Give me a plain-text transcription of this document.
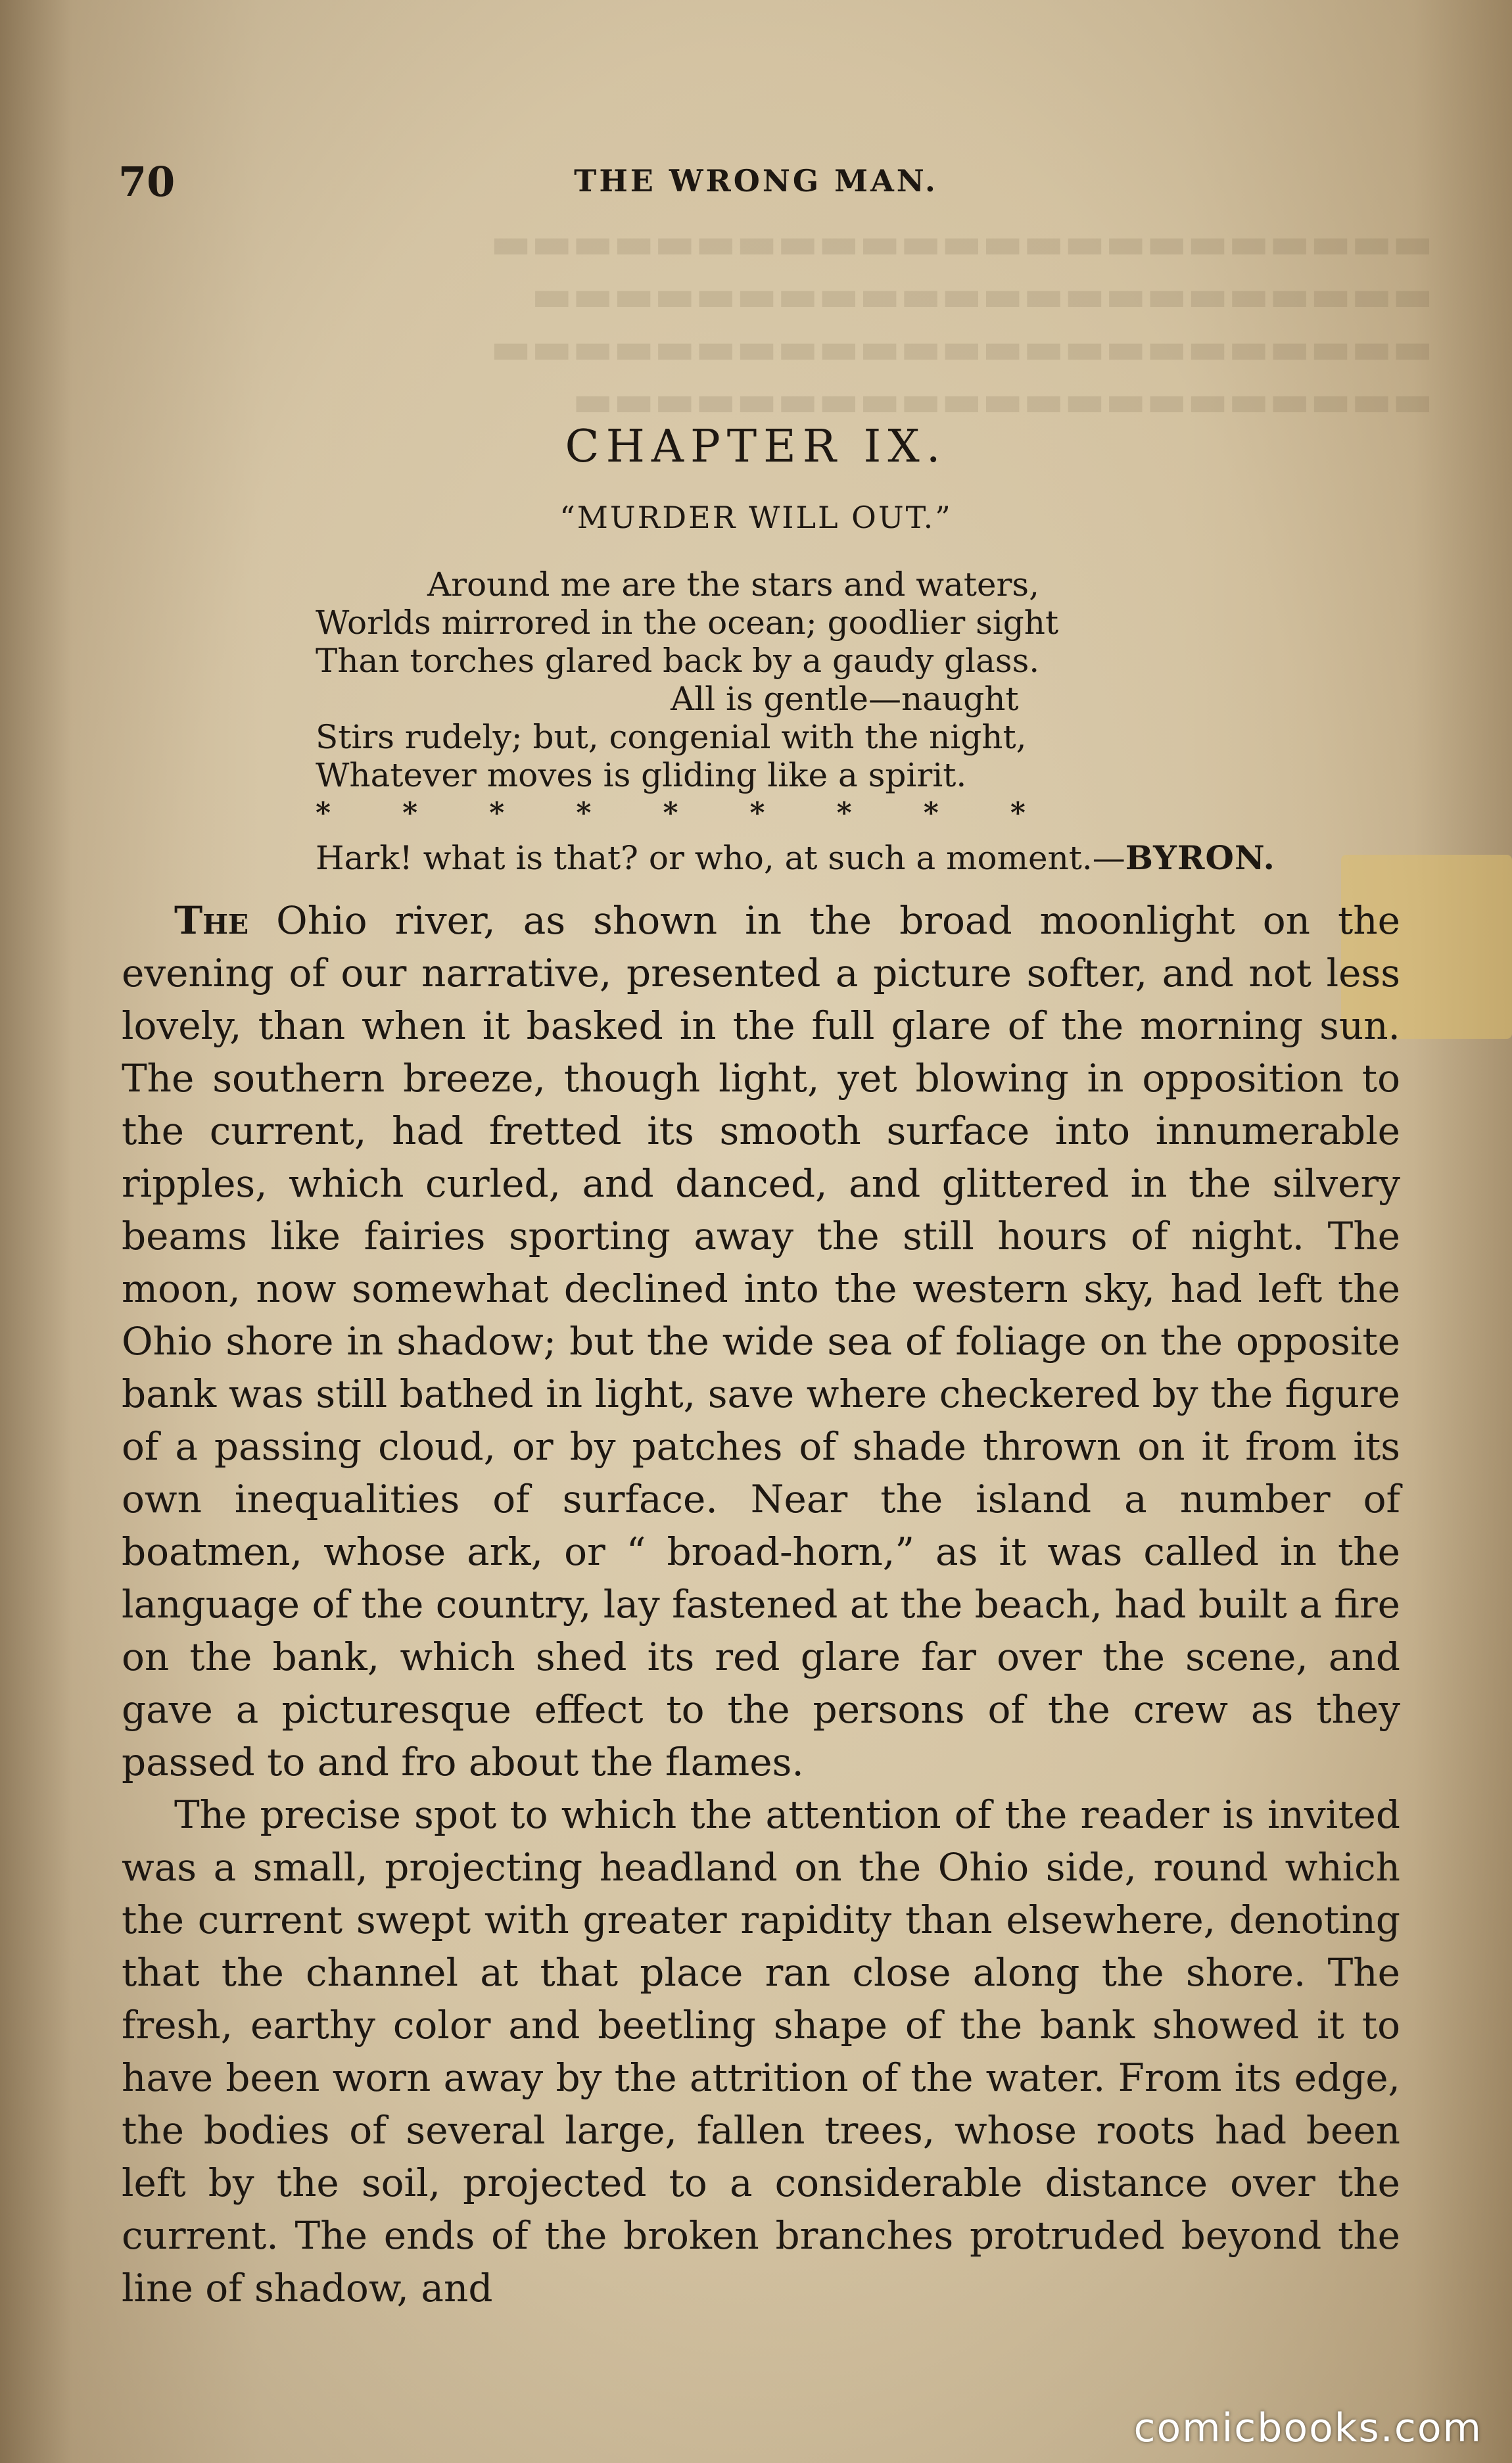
▬▬▬▬▬▬▬▬▬▬▬▬▬▬▬▬▬▬▬▬▬▬▬
▬▬▬▬▬▬▬▬▬▬▬▬▬▬▬▬▬▬▬▬▬▬
▬▬▬▬▬▬▬▬▬▬▬▬▬▬▬▬▬▬▬▬▬▬▬
▬▬▬▬▬▬▬▬▬▬▬▬▬▬▬▬▬▬▬▬▬
70	THE WRONG MAN.
CHAPTER IX.
“MURDER WILL OUT.”
Around me are the stars and waters,
Worlds mirrored in the ocean; goodlier sight
Than torches glared back by a gaudy glass.
All is gentle—naught
Stirs rudely; but, congenial with the night,
Whatever moves is gliding like a spirit.
* * * * * * * * *
Hark! what is that? or who, at such a moment.—BYRON.

The Ohio river, as shown in the broad moonlight on the evening of our narrative, presented a picture softer, and not less lovely, than when it basked in the full glare of the morning sun. The southern breeze, though light, yet blowing in opposition to the current, had fretted its smooth surface into innumerable ripples, which curled, and danced, and glittered in the silvery beams like fairies sporting away the still hours of night. The moon, now somewhat declined into the western sky, had left the Ohio shore in shadow; but the wide sea of foliage on the opposite bank was still bathed in light, save where checkered by the figure of a passing cloud, or by patches of shade thrown on it from its own inequalities of surface. Near the island a number of boatmen, whose ark, or “ broad-horn,” as it was called in the language of the country, lay fastened at the beach, had built a fire on the bank, which shed its red glare far over the scene, and gave a picturesque effect to the persons of the crew as they passed to and fro about the flames.

The precise spot to which the attention of the reader is invited was a small, projecting headland on the Ohio side, round which the current swept with greater rapidity than elsewhere, denoting that the channel at that place ran close along the shore. The fresh, earthy color and beetling shape of the bank showed it to have been worn away by the attrition of the water. From its edge, the bodies of several large, fallen trees, whose roots had been left by the soil, projected to a considerable distance over the current. The ends of the broken branches protruded beyond the line of shadow, and

comicbooks.com
